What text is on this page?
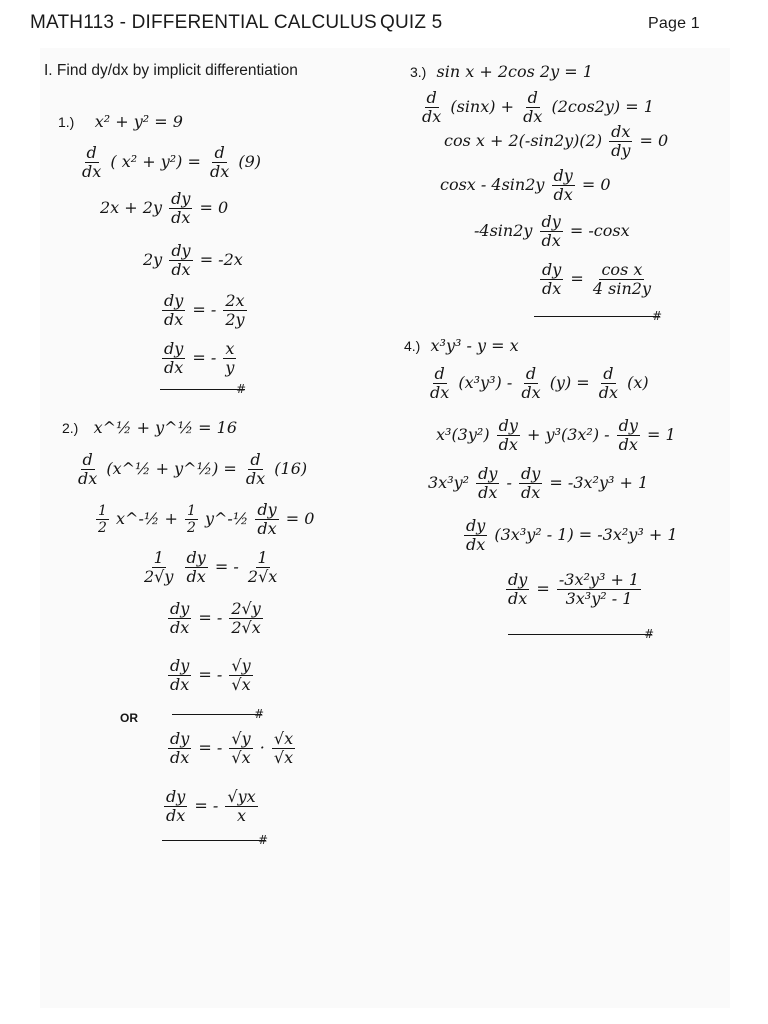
MATH113 - DIFFERENTIAL CALCULUS QUIZ 5	Page 1
I. Find dy/dx by implicit differentiation
1.) x² + y² = 9
$\frac{d}{dx}$ ( $x^2 + y^2) = \frac{d}{dx} (9)$
$2x + 2y \frac{dy}{dx} = 0$
$2y \frac{dy}{dx} = -2x$
$\frac{dy}{dx}$ = - $\frac{2x}{2y}$
$\frac{dy}{dx}$ = - $\frac{x}{y}$
#
2.) x^½ + y^½ = 16
$\frac{d}{dx}$ (x^½ + y^½) = $\frac{d}{dx} (16)$
$\frac{1}{2}$ x^-½ + $\frac{1}{2}$ y^-½ $\frac{dy}{dx} = 0$
$\frac{1}{2√y}$
$\frac{dy}{dx}$ = - $\frac{1}{2√x}$
$\frac{dy}{dx}$ = - $\frac{2√y}{2√x}$
$\frac{dy}{dx}$ = - $\frac{√y}{√x}$
#
OR
$\frac{dy}{dx}$ = - $\frac{√y}{√x} \cdot \frac{√x}{√x}$
$\frac{dy}{dx}$ = - $\frac{√yx}{x}$
#
3.) sin x + 2cos 2y = 1
$\frac{d}{dx} (\sin x) + \frac{d}{dx} (2\cos 2y) = 1$
$\cos x + 2(-\sin 2y)(2) \frac{dx}{dy} = 0$
$\cos x - 4\sin 2y \frac{dy}{dx} = 0$
$-4\sin 2y \frac{dy}{dx} = -\cos x$
$\frac{dy}{dx} = \frac{\text{cos x}}{4 \sin 2y}$
#
4.) x³y³ - y = x
$\frac{d}{dx} (x^3y^3) - \frac{d}{dx} (y) = \frac{d}{dx} (x)$
$x^3(3y^2) \frac{dy}{dx} + y^3(3x^2) - \frac{dy}{dx} = 1$
$3x^3y^2 \frac{dy}{dx} - \frac{dy}{dx} = -3x^2y^3 + 1$
$\frac{dy}{dx} (3x^3y^2 - 1) = -3x^2y^3 + 1$
$\frac{dy}{dx} = \frac{\text{-3x²y³ + 1}}{\text{3x³y² - 1}}$
#
